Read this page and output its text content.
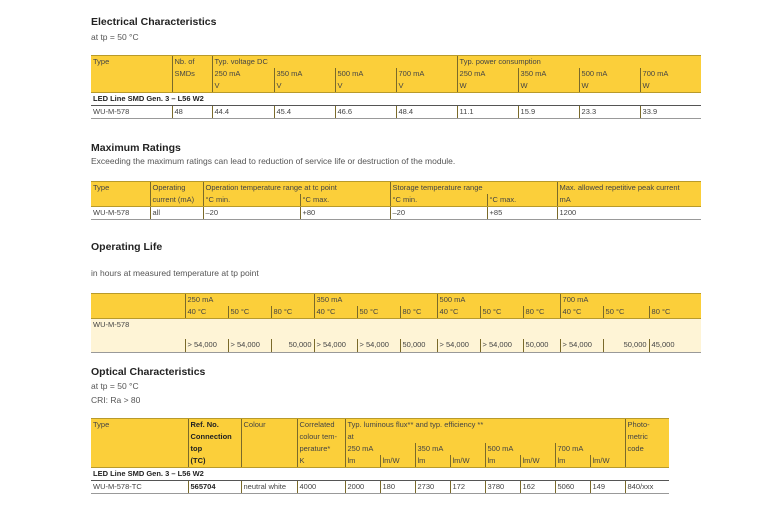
Electrical Characteristics
at tp = 50 °C
Type	Nb. of	Typ. voltage DC				Typ. power consumption			
	SMDs	250 mA	350 mA	500 mA	700 mA	250 mA	350 mA	500 mA	700 mA
		V	V	V	V	W	W	W	W
LED Line SMD Gen. 3 – L56 W2									
WU-M-578	48	44.4	45.4	46.6	48.4	11.1	15.9	23.3	33.9
Maximum Ratings
Exceeding the maximum ratings can lead to reduction of service life or destruction of the module.
Type	Operating	Operation temperature range at tc point		Storage temperature range		Max. allowed repetitive peak current
	current (mA)	°C min.	°C max.	°C min.	°C max.	mA
WU-M-578	all	–20	+80	–20	+85	1200
Operating Life
in hours at measured temperature at tp point
	250 mA			350 mA			500 mA			700 mA		
	40 °C	50 °C	80 °C	40 °C	50 °C	80 °C	40 °C	50 °C	80 °C	40 °C	50 °C	80 °C
WU-M-578												
	> 54,000	> 54,000	50,000	> 54,000	> 54,000	50,000	> 54,000	> 54,000	50,000	> 54,000	50,000	45,000
Optical Characteristics
at tp = 50 °C
CRI: Ra > 80
Type	Ref. No.	Colour	Correlated	Typ. luminous flux** and typ. efficiency **								Photo-
	Connection		colour tem-	at								metric
	top		perature*	250 mA		350 mA		500 mA		700 mA		code
	(TC)		K	lm	lm/W	lm	lm/W	lm	lm/W	lm	lm/W	
LED Line SMD Gen. 3 – L56 W2												
WU-M-578-TC	565704	neutral white	4000	2000	180	2730	172	3780	162	5060	149	840/xxx
